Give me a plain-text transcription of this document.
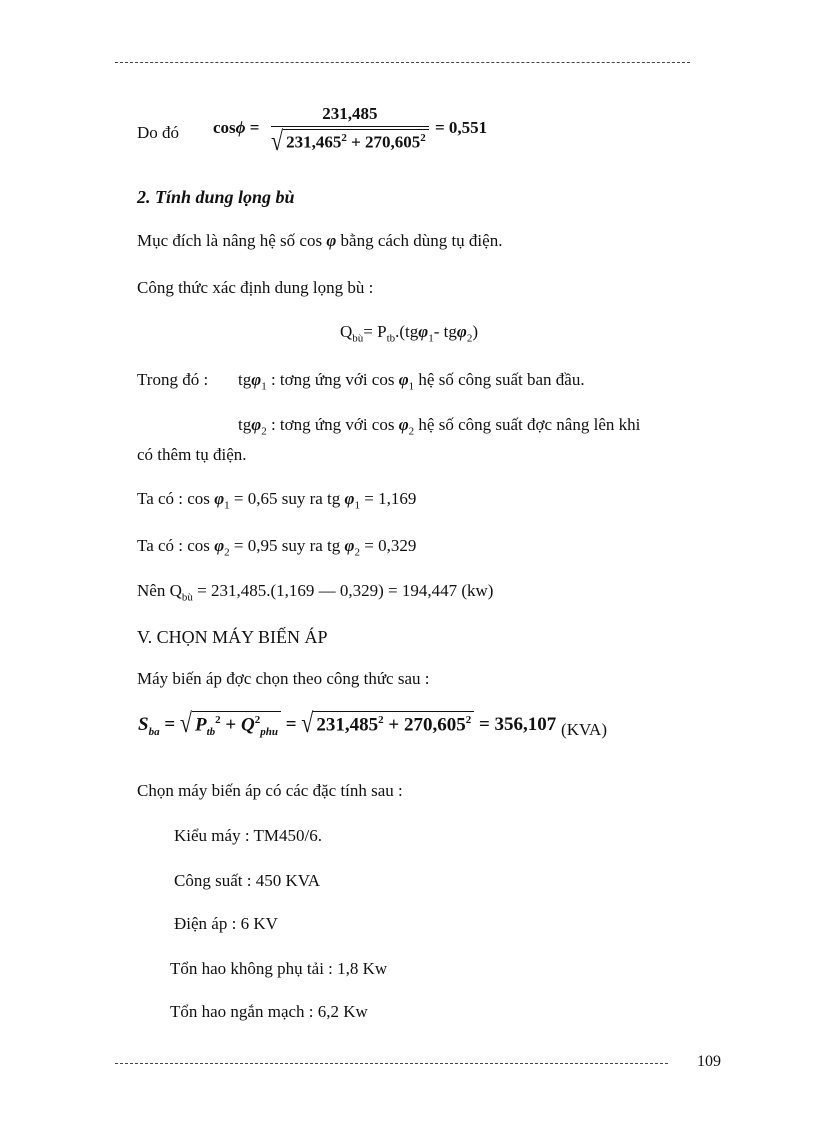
Do đó cosϕ =
231,485
√ $231,465^2 + 270,605^2$
= 0,551
2. Tính dung lọng bù
Mục đích là nâng hệ số cos φ bằng cách dùng tụ điện.
Công thức xác định dung lọng bù :
$Q_{bù}= P_{tb}.(tg\varphi_1-$ tgφ$_2$)
Trong đó : tgφ$_1$ : tơng ứng với $\cos \varphi_1$ hệ số công suất ban đầu.
tgφ$_2$ : tơng ứng với $\cos \varphi_2$ hệ số công suất đợc nâng lên khi
có thêm tụ điện.
Ta có : $\cos \varphi_1 = 0,65$ suy ra tg $\varphi_1 = 1,169$
Ta có : $\cos \varphi_2 = 0,95$ suy ra tg $\varphi_2 = 0,329$
Nên $Q_{bù} = 231,485.(1,169$ — 0,329) = 194,447 (kw)
V. CHỌN MÁY BIẾN ÁP
Máy biến áp đợc chọn theo công thức sau :
$S_{ba}$ = √ $P_{tb}^2 + Q^2_{phu}$ = √ $231,485^2 + 270,605^2 = 356,107$ (KVA)
Chọn máy biến áp có các đặc tính sau :
Kiểu máy : TM450/6.
Công suất : 450 KVA
Điện áp : 6 KV
Tổn hao không phụ tải : 1,8 Kw
Tổn hao ngắn mạch : 6,2 Kw
109
